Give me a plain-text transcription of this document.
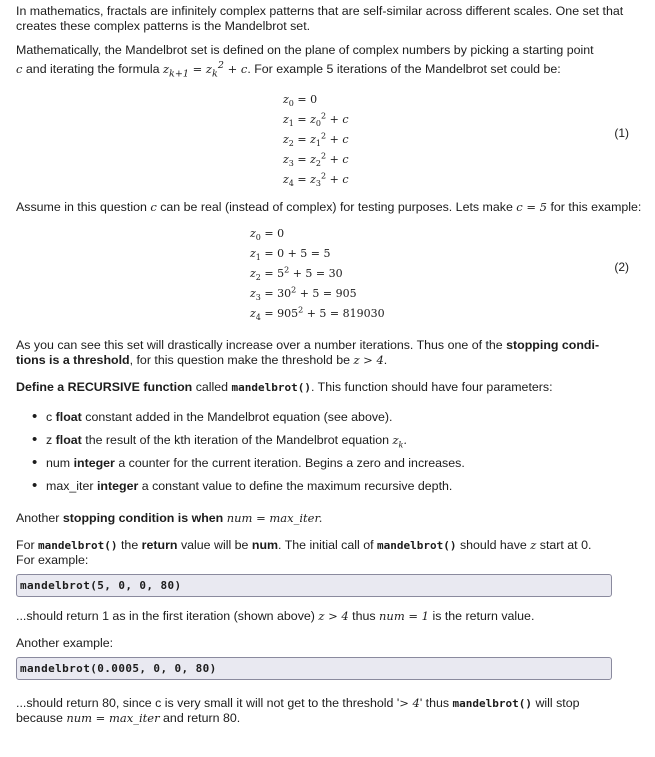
In mathematics, fractals are infinitely complex patterns that are self-similar across different scales. One set that creates these complex patterns is the Mandelbrot set.

Mathematically, the Mandelbrot set is defined on the plane of complex numbers by picking a starting point
c and iterating the formula $z_{k+1} = z_k^2 + c$. For example 5 iterations of the Mandelbrot set could be:

$z_0 = 0$
$z_1 = z_0^2 + c$
$z_2 = z_1^2 + c$
$z_3 = z_2^2 + c$
$z_4 = z_3^2 + c$
(1)

Assume in this question c can be real (instead of complex) for testing purposes. Lets make c = 5 for this example:

$z_0 = 0$
$z_1 = 0 + 5 = 5$
$z_2 = 5^2 + 5 = 30$
$z_3 = 30^2 + 5 = 905$
$z_4 = 905^2 + 5 = 819030$
(2)

As you can see this set will drastically increase over a number iterations. Thus one of the stopping condi-
tions is a threshold, for this question make the threshold be z > 4.

Define a RECURSIVE function called mandelbrot(). This function should have four parameters:

• c float constant added in the Mandelbrot equation (see above).
• z float the result of the kth iteration of the Mandelbrot equation $z_k$.
• num integer a counter for the current iteration. Begins a zero and increases.
• max_iter integer a constant value to define the maximum recursive depth.

Another stopping condition is when num = max_iter.

For mandelbrot() the return value will be num. The initial call of mandelbrot() should have z start at 0.
For example:

mandelbrot(5, 0, 0, 80)

...should return 1 as in the first iteration (shown above) z > 4 thus num = 1 is the return value.

Another example:

mandelbrot(0.0005, 0, 0, 80)

...should return 80, since c is very small it will not get to the threshold '> 4' thus mandelbrot() will stop
because num = max_iter and return 80.
